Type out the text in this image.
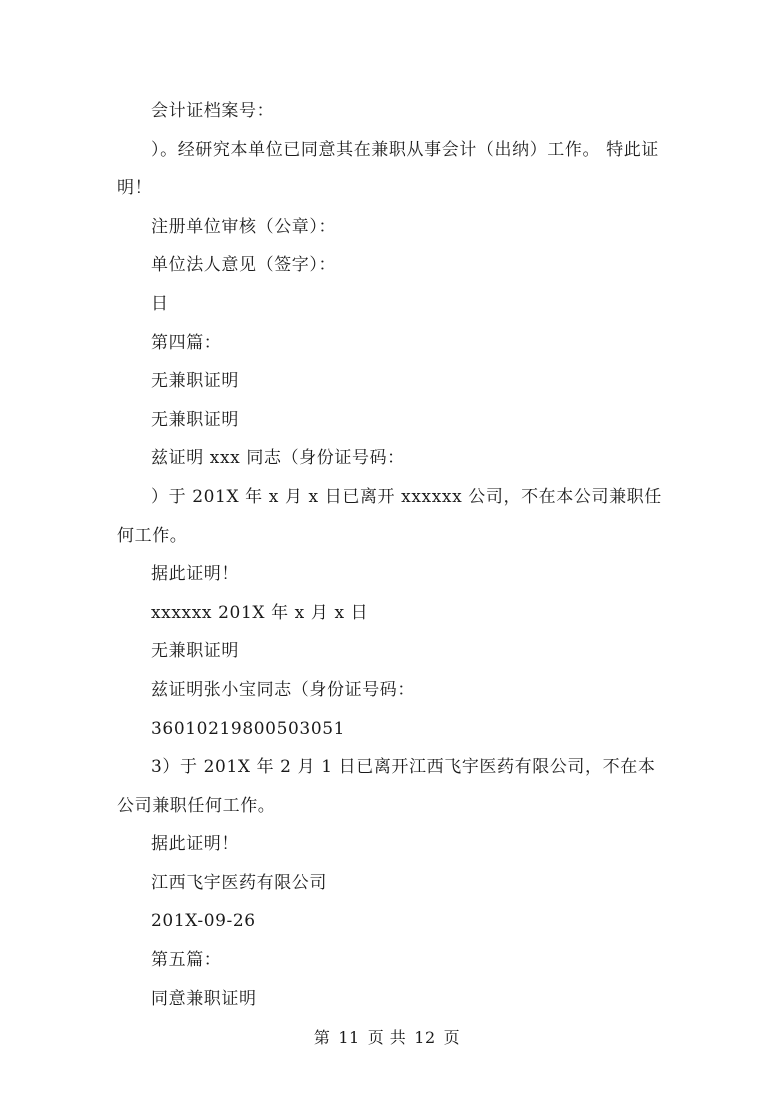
会计证档案号：

）。经研究本单位已同意其在兼职从事会计（出纳）工作。 特此证明！

注册单位审核（公章）：

单位法人意见（签字）：

日

第四篇：

无兼职证明

无兼职证明

兹证明 xxx 同志（身份证号码：

）于 201X 年 x 月 x 日已离开 xxxxxx 公司，不在本公司兼职任何工作。

据此证明！

xxxxxx 201X 年 x 月 x 日

无兼职证明

兹证明张小宝同志（身份证号码：

36010219800503051

3）于 201X 年 2 月 1 日已离开江西飞宇医药有限公司，不在本公司兼职任何工作。

据此证明！

江西飞宇医药有限公司

201X-09-26

第五篇：

同意兼职证明

第 11 页 共 12 页
